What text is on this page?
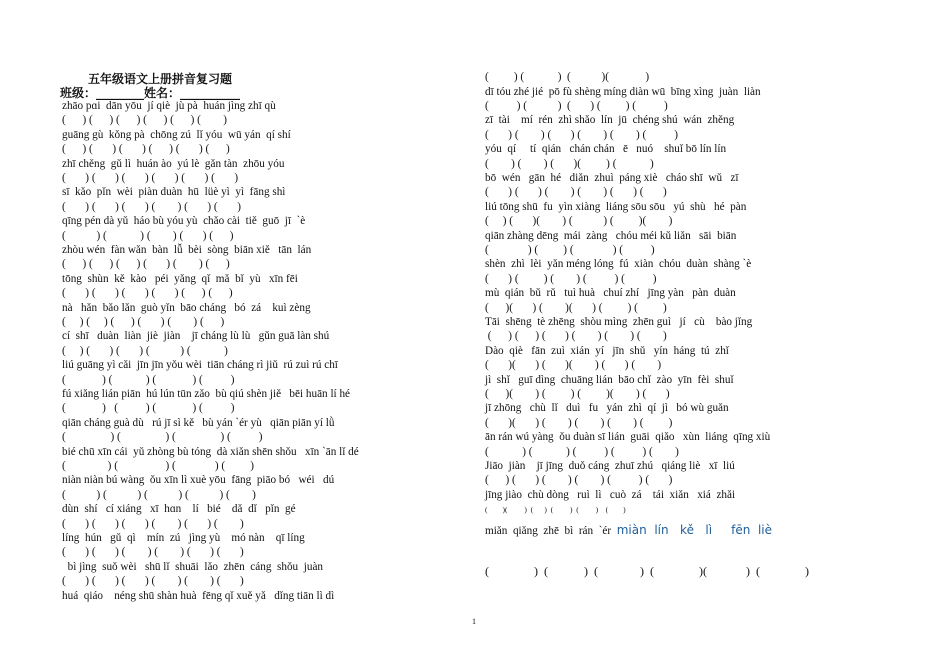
五年级语文上册拼音复习题
班级：________姓名：__________
zhāo pɑi  dān yōu  jí qiè  jù pà  huán jìng zhī qù
(      ) (      ) (      ) (      ) (      ) (        )
guāng gù  kǒng pà  chōng zú  lǐ yóu  wū yán  qí shí
(      ) (       ) (       ) (      ) (       ) (      )
zhī chěng  gǔ lì  huán ào  yú lè  gǎn tàn  zhōu yóu
(       ) (       ) (       ) (       ) (       ) (       )
sī  kǎo  pǐn  wèi  piàn duàn  hū  lüè yì  yì  fāng shì
(       ) (       ) (       ) (        ) (       ) (       )
qīng pén dà yǔ  háo bù yóu yù  chǎo cài  tiě  guō  jī  `è
(           ) (            ) (        ) (       ) (      )
zhòu wén  fàn wǎn  bàn  lǚ  bèi  sòng  biān xiě   tān  lán
(      ) (      ) (      ) (       ) (        ) (      )
tōng  shùn  kě  kào   péi  yǎng  qǐ  mǎ  bǐ  yù   xīn fēi
(       ) (       ) (       ) (       ) (      ) (      )
nà   hǎn  bǎo lǎn  guò yǐn  bāo cháng   bó  zá    kuì zèng
(     ) (     ) (      ) (       ) (        ) (      )
cí  shī   duàn  liàn  jiè  jiàn    jī cháng lù lù   gǔn guā làn shú
(     ) (       ) (       ) (           ) (            )
liú guāng yì cǎi  jīn jīn yǒu wèi  tiān cháng rì jiǔ  rú zuì rú chī
(             ) (            ) (             ) (          )
fú xiǎng lián piān  hú lún tūn zǎo  bù qiú shèn jiě   bēi huān lí hé
(             )   (          ) (             ) (          )
qiān cháng guà dù   rú jī sì kě   bù yán `ér yù   qiān piān yí lǜ
(                ) (                ) (                ) (          )
bié chū xīn cái  yǔ zhòng bù tóng  dà xiǎn shēn shǒu   xīn `ān lǐ dé
(               ) (                 ) (              ) (         )
niàn niàn bú wàng  ǒu xīn lì xuè yōu  fāng  piāo bó   wéi   dú
(           ) (           ) (           ) (           ) (        )
dùn  shí   cí xiáng   xī  hɑn    lí   bié    dǎ  dǐ   pǐn  gé
(       ) (       ) (       ) (        ) (       ) (        )
líng  hún   gǔ  qì    mín  zú   jìng yù    mó nàn    qī líng
(       ) (       ) (        ) (        ) (       ) (       )
bì jìng  suǒ wèi   shū lǐ  shuāi  lǎo  zhēn  cáng  shǒu  juàn
(       ) (       ) (       ) (        ) (        ) (       )
huá  qiáo    néng shū shàn huà  fēng qǐ xuě yǎ   dǐng tiān lì dì
(         ) (            )  (           )(             )
dī tóu zhé jié  pō fù shèng míng diàn wū  bīng xìng  juàn  liàn
(          ) (           )  (       ) (         ) (          )
zī  tài    mí  rén  zhì shǎo  lín  jū  chéng shú  wán  zhěng
(       ) (        ) (       ) (        ) (        ) (          )
yóu  qí     tí  qián   chán chán   ē   nuó    shuǐ bō lín lín
(        ) (        ) (       )(         ) (            )
bō  wén   gān  hé   diǎn  zhuì  páng xiè   cháo shī  wǔ   zī
(       ) (       ) (        ) (        ) (       ) (       )
liú tōng shū  fu  yìn xiàng  liáng sōu sōu   yú  shù   hé  pàn
(     ) (       )(        ) (           ) (         )(        )
qiān zhàng dēng  mái  zàng   chóu méi kǔ liǎn   sāi  biān
(              ) (         ) (              ) (          )
shèn  zhì  lèi  yǎn méng lóng  fú  xiàn  chóu  duàn  shàng `è
(       ) (         ) (        ) (          ) (          )
mù  qián  bǔ  rǔ   tuì huà   chuí zhí   jīng yàn   pàn  duàn
(      )(       ) (        )(       ) (         ) (         )
Tāi  shēng  tè zhēng  shòu mìng  zhēn guì   jí   cù    bào jǐng
(      ) (      ) (       ) (        ) (        ) (        )
Dào  qiè   fān  zuì  xián  yí   jīn  shǔ   yín  háng  tú  zhǐ
(       )(       ) (       )(        ) (       ) (        )
jì  shǐ   guī dìng  chuāng lián  bāo chǐ  zào  yīn  fèi  shuǐ
(      )(        ) (         ) (         )(        ) (       )
jī zhōng   chù  lǐ   duì   fu   yán  zhì  qí  jì   bó wù guǎn
(       )(       ) (        ) (        ) (        ) (         )
ān rán wú yàng  ǒu duàn sī lián  guāi  qiǎo   xùn  liáng  qīng xiù
(            ) (            ) (          ) (          ) (        )
Jiāo  jiàn    jī jīng  duǒ cáng  zhuī zhú   qiáng liè   xī  liú
(      ) (       ) (        ) (        ) (          ) (       )
jīng jiào  chù dòng   ruì  lì   cuò  zá    tái  xiǎn   xiá  zhǎi
(        )(         )  (      )  (         )  (         )    (        )
miǎn  qiǎng  zhē  bì  rán  `ér  miàn  lín   kě   lì     fēn  liè
(               )  (            )  (              )  (               )(             )  (               )
1
